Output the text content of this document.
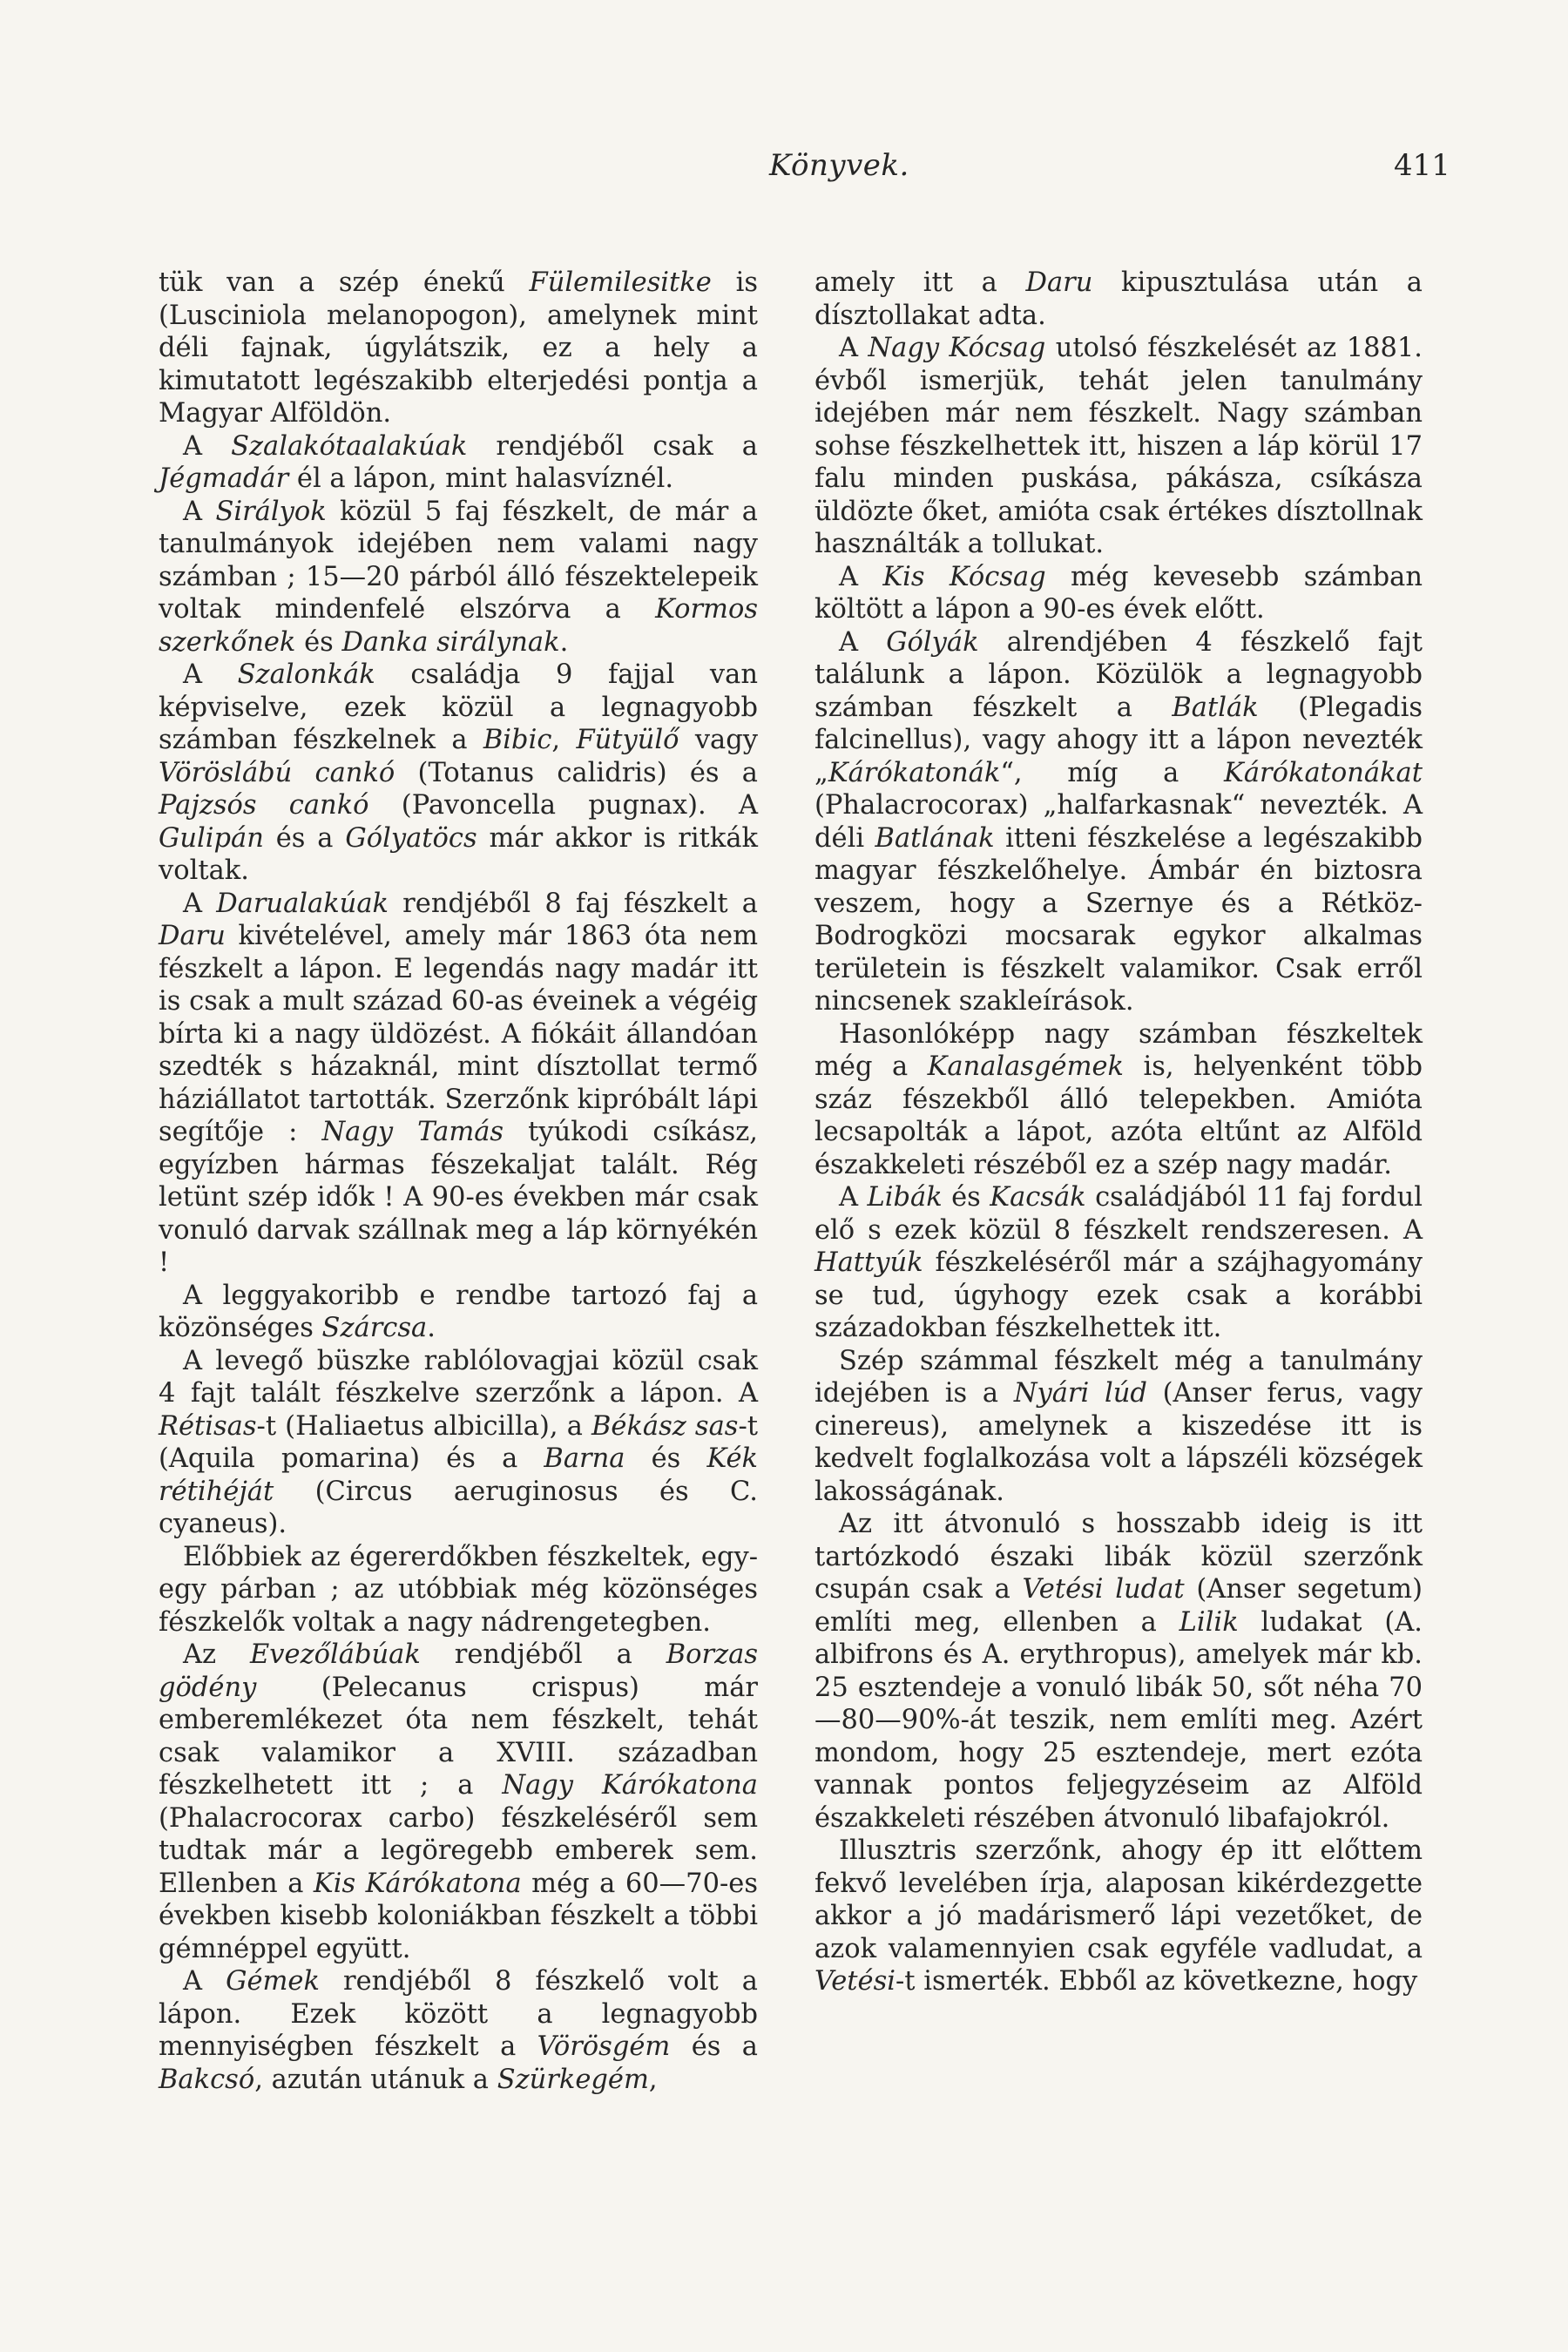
Könyvek.	411

tük van a szép énekű Fülemilesitke is (Lusciniola melanopogon), amelynek mint déli fajnak, úgylátszik, ez a hely a kimutatott legészakibb elterjedési pontja a Magyar Alföldön.

A Szalakótaalakúak rendjéből csak a Jégmadár él a lápon, mint halasvíznél.

A Sirályok közül 5 faj fészkelt, de már a tanulmányok idejében nem valami nagy számban ; 15—20 párból álló fészektelepeik voltak mindenfelé elszórva a Kormos szerkőnek és Danka sirálynak.

A Szalonkák családja 9 fajjal van képviselve, ezek közül a legnagyobb számban fészkelnek a Bibic, Fütyülő vagy Vöröslábú cankó (Totanus calidris) és a Pajzsós cankó (Pavoncella pugnax). A Gulipán és a Gólyatöcs már akkor is ritkák voltak.

A Darualakúak rendjéből 8 faj fészkelt a Daru kivételével, amely már 1863 óta nem fészkelt a lápon. E legendás nagy madár itt is csak a mult század 60-as éveinek a végéig bírta ki a nagy üldözést. A fiókáit állandóan szedték s házaknál, mint dísztollat termő háziállatot tartották. Szerzőnk kipróbált lápi segítője : Nagy Tamás tyúkodi csíkász, egyízben hármas fészekaljat talált. Rég letünt szép idők ! A 90-es években már csak vonuló darvak szállnak meg a láp környékén !

A leggyakoribb e rendbe tartozó faj a közönséges Szárcsa.

A levegő büszke rablólovagjai közül csak 4 fajt talált fészkelve szerzőnk a lápon. A Rétisas-t (Haliaetus albicilla), a Békász sas-t (Aquila pomarina) és a Barna és Kék rétihéját (Circus aeruginosus és C. cyaneus).

Előbbiek az égererdőkben fészkeltek, egy-egy párban ; az utóbbiak még közönséges fészkelők voltak a nagy nádrengetegben.

Az Evezőlábúak rendjéből a Borzas gödény (Pelecanus crispus) már emberemlékezet óta nem fészkelt, tehát csak valamikor a XVIII. században fészkelhetett itt ; a Nagy Kárókatona (Phalacrocorax carbo) fészkeléséről sem tudtak már a legöregebb emberek sem. Ellenben a Kis Kárókatona még a 60—70-es években kisebb koloniákban fészkelt a többi gémnéppel együtt.

A Gémek rendjéből 8 fészkelő volt a lápon. Ezek között a legnagyobb mennyiségben fészkelt a Vörösgém és a Bakcsó, azután utánuk a Szürkegém,

amely itt a Daru kipusztulása után a dísztollakat adta.

A Nagy Kócsag utolsó fészkelését az 1881. évből ismerjük, tehát jelen tanulmány idejében már nem fészkelt. Nagy számban sohse fészkelhettek itt, hiszen a láp körül 17 falu minden puskása, pákásza, csíkásza üldözte őket, amióta csak értékes dísztollnak használták a tollukat.

A Kis Kócsag még kevesebb számban költött a lápon a 90-es évek előtt.

A Gólyák alrendjében 4 fészkelő fajt találunk a lápon. Közülök a legnagyobb számban fészkelt a Batlák (Plegadis falcinellus), vagy ahogy itt a lápon nevezték „Kárókatonák“, míg a Kárókatonákat (Phalacrocorax) „halfarkasnak“ nevezték. A déli Batlának itteni fészkelése a legészakibb magyar fészkelőhelye. Ámbár én biztosra veszem, hogy a Szernye és a Rétköz-Bodrogközi mocsarak egykor alkalmas területein is fészkelt valamikor. Csak erről nincsenek szakleírások.

Hasonlóképp nagy számban fészkeltek még a Kanalasgémek is, helyenként több száz fészekből álló telepekben. Amióta lecsapolták a lápot, azóta eltűnt az Alföld északkeleti részéből ez a szép nagy madár.

A Libák és Kacsák családjából 11 faj fordul elő s ezek közül 8 fészkelt rendszeresen. A Hattyúk fészkeléséről már a szájhagyomány se tud, úgyhogy ezek csak a korábbi századokban fészkelhettek itt.

Szép számmal fészkelt még a tanulmány idejében is a Nyári lúd (Anser ferus, vagy cinereus), amelynek a kiszedése itt is kedvelt foglalkozása volt a lápszéli községek lakosságának.

Az itt átvonuló s hosszabb ideig is itt tartózkodó északi libák közül szerzőnk csupán csak a Vetési ludat (Anser segetum) említi meg, ellenben a Lilik ludakat (A. albifrons és A. erythropus), amelyek már kb. 25 esztendeje a vonuló libák 50, sőt néha 70—80—90%-át teszik, nem említi meg. Azért mondom, hogy 25 esztendeje, mert ezóta vannak pontos feljegyzéseim az Alföld északkeleti részében átvonuló libafajokról.

Illusztris szerzőnk, ahogy ép itt előttem fekvő levelében írja, alaposan kikérdezgette akkor a jó madárismerő lápi vezetőket, de azok valamennyien csak egyféle vadludat, a Vetési-t ismerték. Ebből az következne, hogy
